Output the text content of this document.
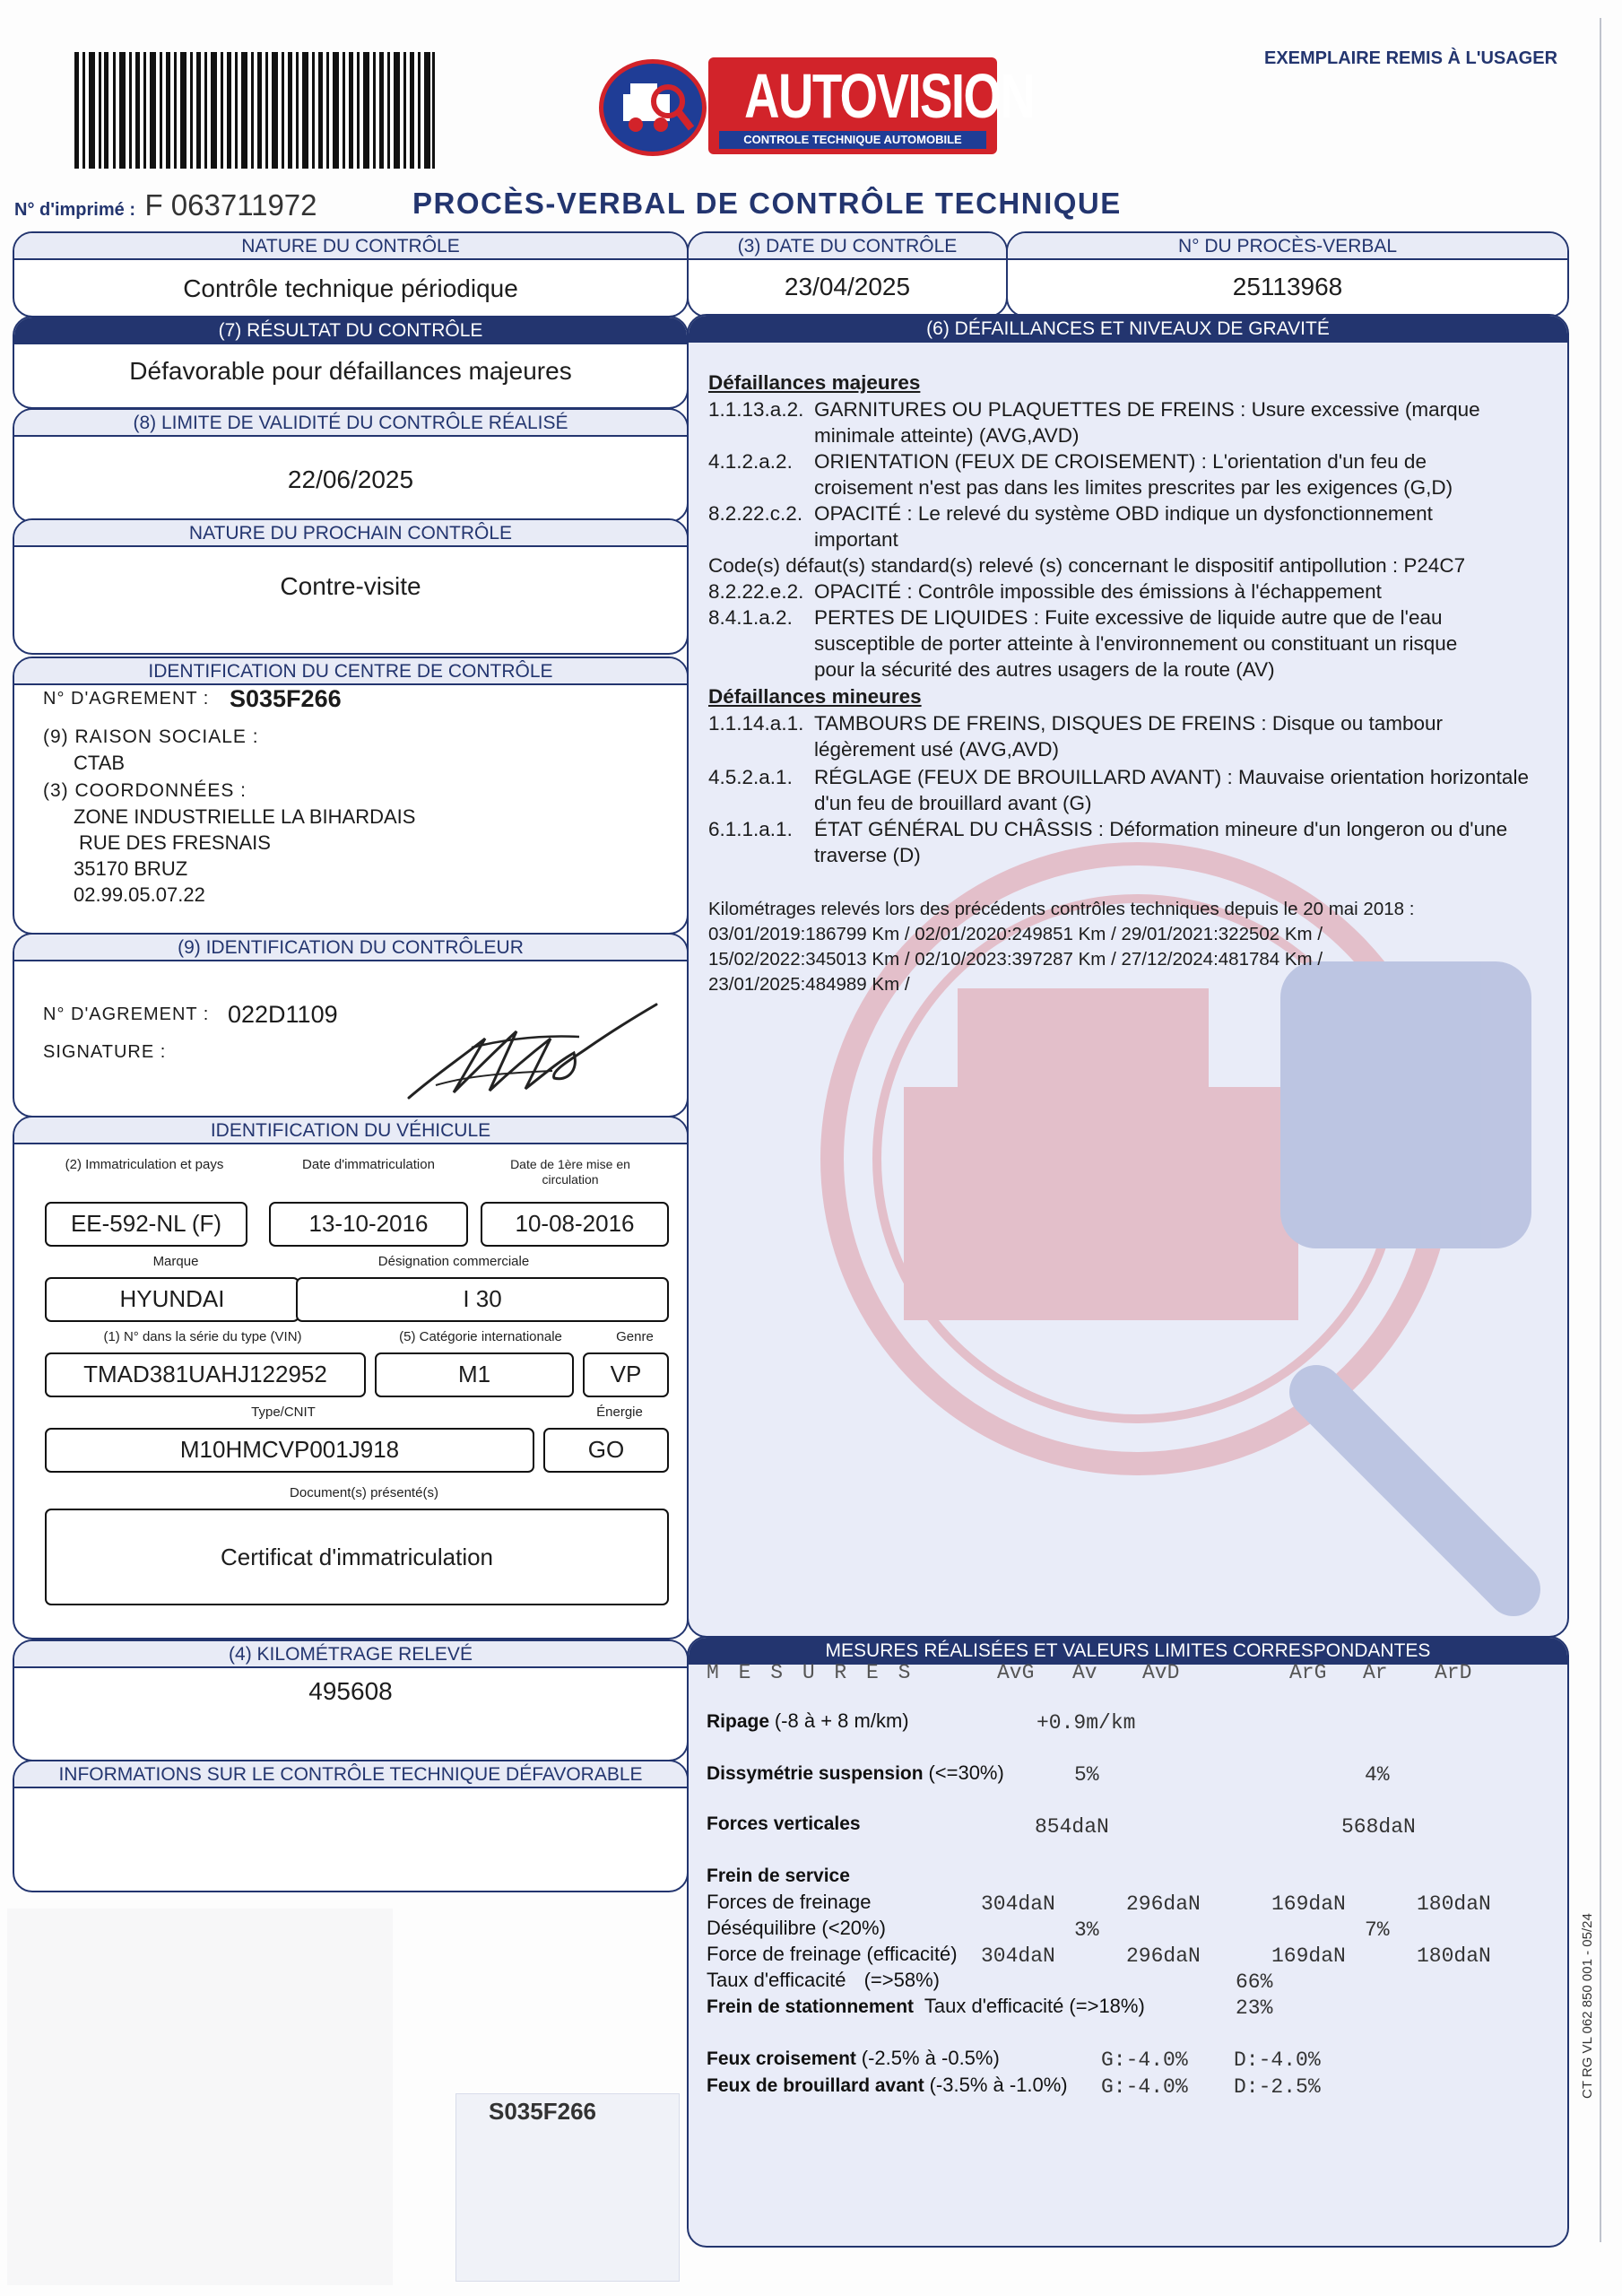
AUTOVISION
CONTROLE TECHNIQUE AUTOMOBILE
EXEMPLAIRE REMIS À L'USAGER
N° d'imprimé : F 063711972	PROCÈS-VERBAL DE CONTRÔLE TECHNIQUE
NATURE DU CONTRÔLE
Contrôle technique périodique
(7) RÉSULTAT DU CONTRÔLE
Défavorable pour défaillances majeures
(8) LIMITE DE VALIDITÉ DU CONTRÔLE RÉALISÉ
22/06/2025
NATURE DU PROCHAIN CONTRÔLE
Contre-visite
IDENTIFICATION DU CENTRE DE CONTRÔLE
N° D'AGREMENT : S035F266
(9) RAISON SOCIALE :
CTAB
(3) COORDONNÉES :
ZONE INDUSTRIELLE LA BIHARDAIS
RUE DES FRESNAIS
35170 BRUZ
02.99.05.07.22
(9) IDENTIFICATION DU CONTRÔLEUR
N° D'AGREMENT : 022D1109
SIGNATURE :
IDENTIFICATION DU VÉHICULE
(2) Immatriculation et pays	Date d'immatriculation	Date de 1ère mise en circulation
EE-592-NL (F)	13-10-2016	10-08-2016
Marque	Désignation commerciale
HYUNDAI	I 30
(1) N° dans la série du type (VIN)	(5) Catégorie internationale	Genre
TMAD381UAHJ122952	M1	VP
Type/CNIT	Énergie
M10HMCVP001J918	GO
Document(s) présenté(s)
Certificat d'immatriculation
(4) KILOMÉTRAGE RELEVÉ
495608
INFORMATIONS SUR LE CONTRÔLE TECHNIQUE DÉFAVORABLE
S035F266
(3) DATE DU CONTRÔLE
23/04/2025
N° DU PROCÈS-VERBAL
25113968
(6) DÉFAILLANCES ET NIVEAUX DE GRAVITÉ
Défaillances majeures
1.1.13.a.2. GARNITURES OU PLAQUETTES DE FREINS : Usure excessive (marque
minimale atteinte) (AVG,AVD)
4.1.2.a.2. ORIENTATION (FEUX DE CROISEMENT) : L'orientation d'un feu de
croisement n'est pas dans les limites prescrites par les exigences (G,D)
8.2.22.c.2. OPACITÉ : Le relevé du système OBD indique un dysfonctionnement
important
Code(s) défaut(s) standard(s) relevé (s) concernant le dispositif antipollution : P24C7
8.2.22.e.2. OPACITÉ : Contrôle impossible des émissions à l'échappement
8.4.1.a.2. PERTES DE LIQUIDES : Fuite excessive de liquide autre que de l'eau
susceptible de porter atteinte à l'environnement ou constituant un risque
pour la sécurité des autres usagers de la route (AV)
Défaillances mineures
1.1.14.a.1. TAMBOURS DE FREINS, DISQUES DE FREINS : Disque ou tambour
légèrement usé (AVG,AVD)
4.5.2.a.1. RÉGLAGE (FEUX DE BROUILLARD AVANT) : Mauvaise orientation horizontale
d'un feu de brouillard avant (G)
6.1.1.a.1. ÉTAT GÉNÉRAL DU CHÂSSIS : Déformation mineure d'un longeron ou d'une
traverse (D)
Kilométrages relevés lors des précédents contrôles techniques depuis le 20 mai 2018 :
03/01/2019:186799 Km / 02/01/2020:249851 Km / 29/01/2021:322502 Km /
15/02/2022:345013 Km / 02/10/2023:397287 Km / 27/12/2024:481784 Km /
23/01/2025:484989 Km /
MESURES RÉALISÉES ET VALEURS LIMITES CORRESPONDANTES
M E S U R E S	AvG Av AvD	ArG Ar ArD
Ripage (-8 à + 8 m/km)	+0.9m/km
Dissymétrie suspension (<=30%)	5%	4%
Forces verticales	854daN	568daN
Frein de service
Forces de freinage	304daN	296daN	169daN	180daN
Déséquilibre (<20%)	3%	7%
Force de freinage (efficacité) 304daN	296daN	169daN	180daN
Taux d'efficacité (=>58%)	66%
Frein de stationnement Taux d'efficacité (=>18%)	23%
Feux croisement (-2.5% à -0.5%)	G:-4.0% D:-4.0%
Feux de brouillard avant (-3.5% à -1.0%) G:-4.0% D:-2.5%	CT RG VL 062 850 001 - 05/24
